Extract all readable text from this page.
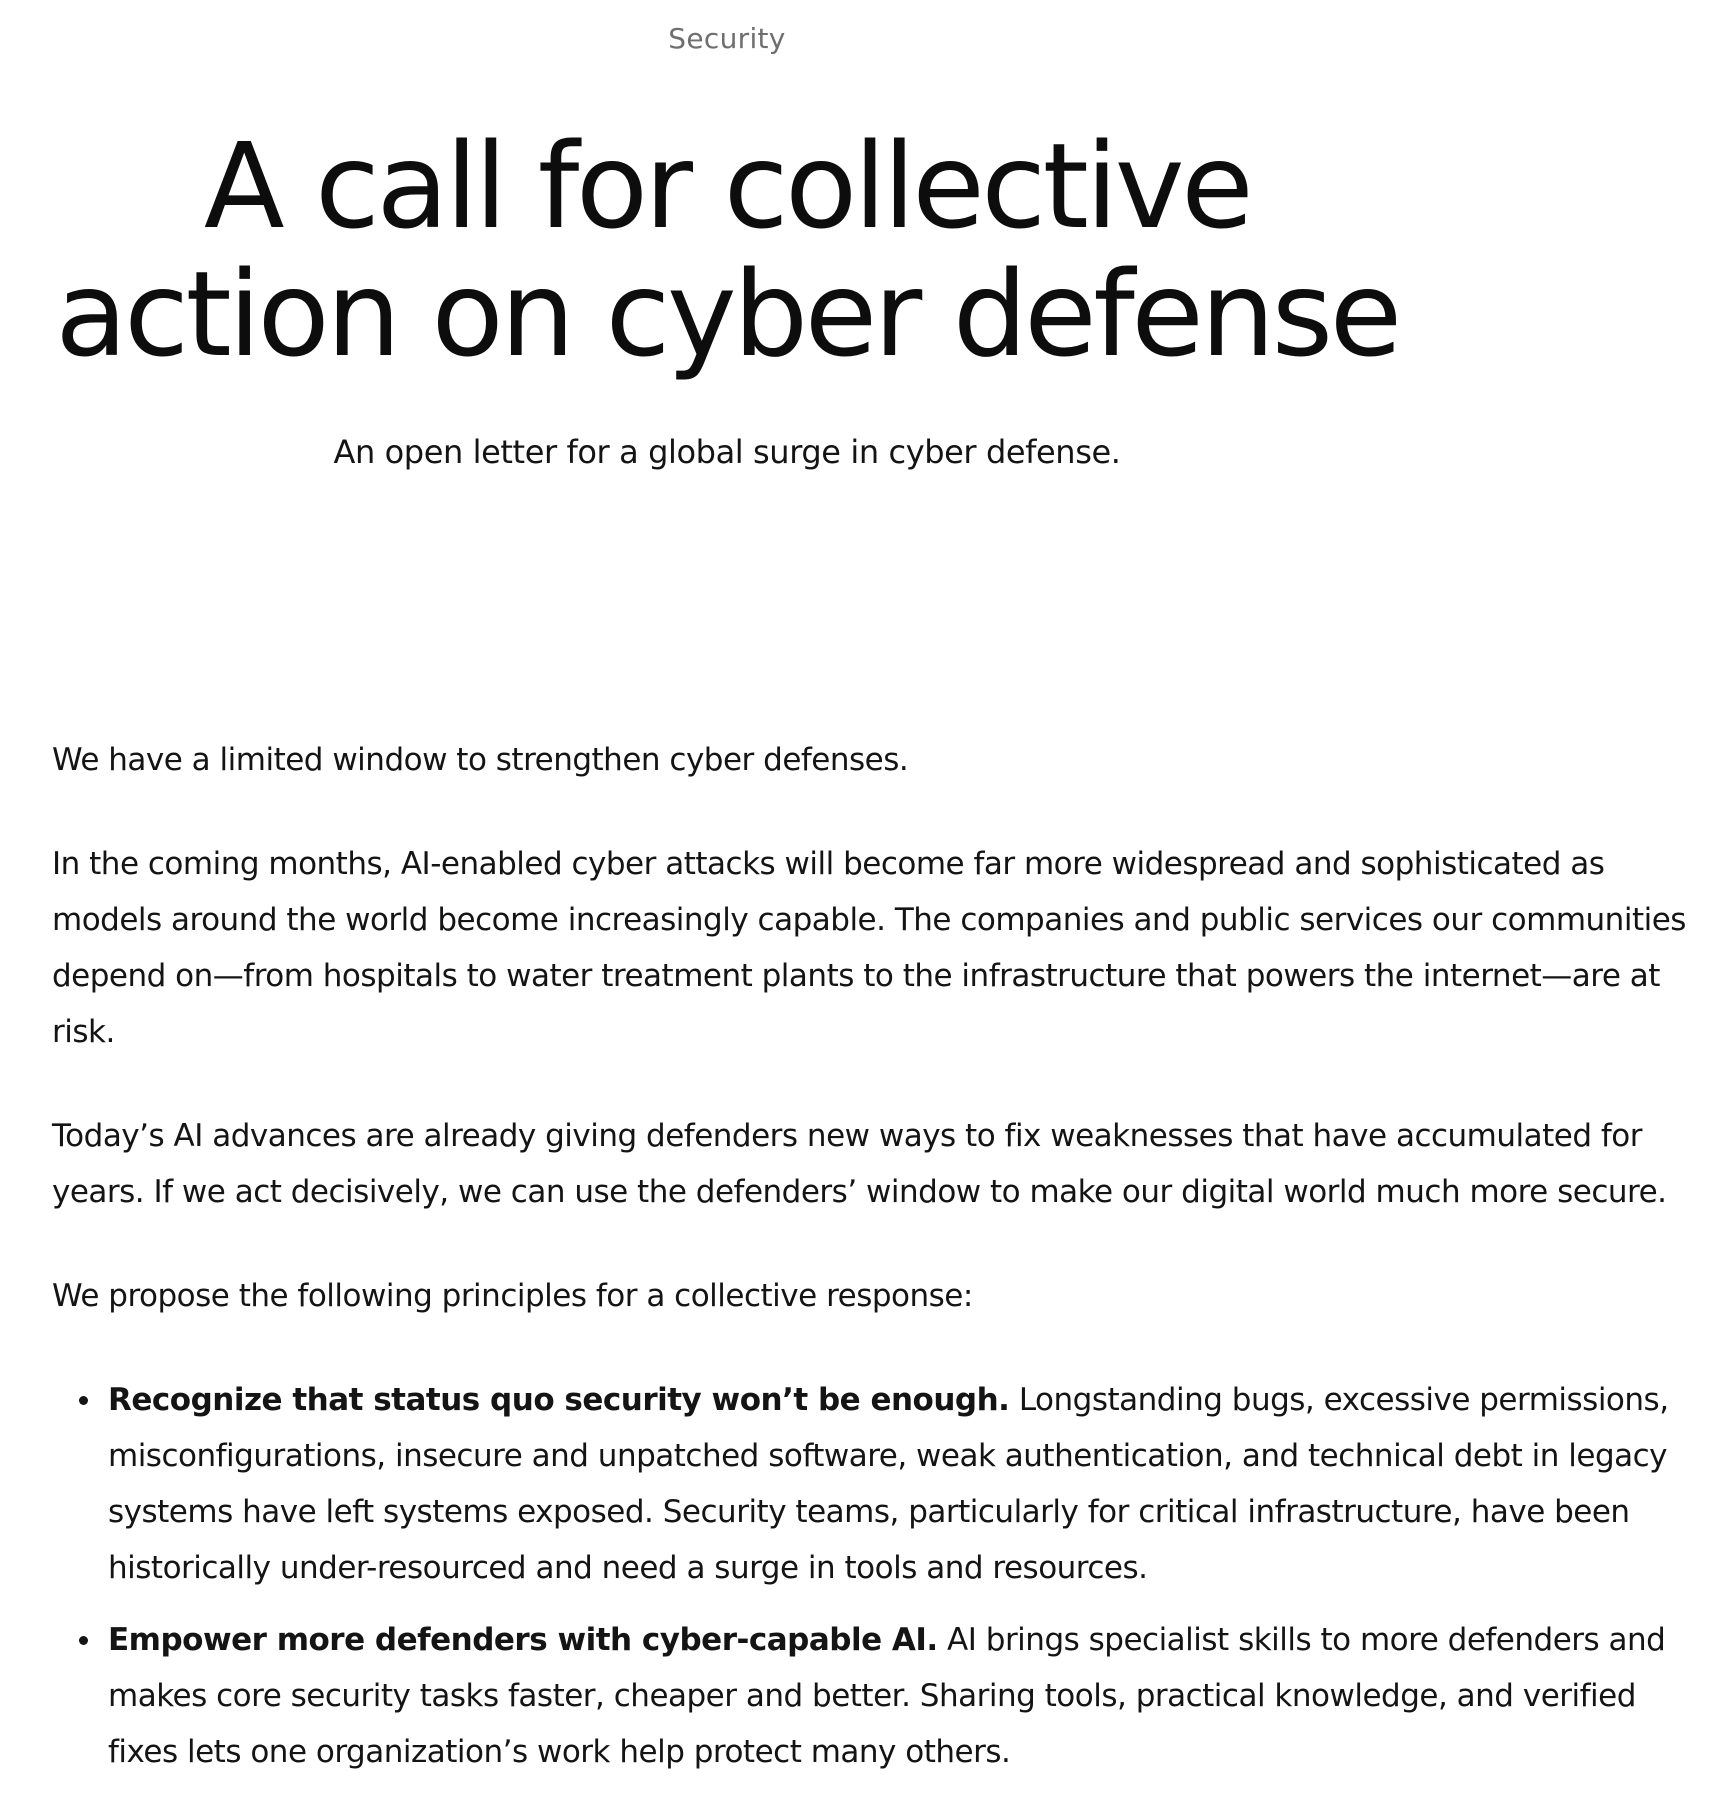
Security
A call for collective
action on cyber defense
An open letter for a global surge in cyber defense.

We have a limited window to strengthen cyber defenses.

In the coming months, AI-enabled cyber attacks will become far more widespread and sophisticated as models around the world become increasingly capable. The companies and public services our communities depend on—from hospitals to water treatment plants to the infrastructure that powers the internet—are at risk.

Today’s AI advances are already giving defenders new ways to fix weaknesses that have accumulated for years. If we act decisively, we can use the defenders’ window to make our digital world much more secure.

We propose the following principles for a collective response:

Recognize that status quo security won’t be enough. Longstanding bugs, excessive permissions, misconfigurations, insecure and unpatched software, weak authentication, and technical debt in legacy systems have left systems exposed. Security teams, particularly for critical infrastructure, have been historically under-resourced and need a surge in tools and resources.
Empower more defenders with cyber-capable AI. AI brings specialist skills to more defenders and makes core security tasks faster, cheaper and better. Sharing tools, practical knowledge, and verified fixes lets one organization’s work help protect many others.
